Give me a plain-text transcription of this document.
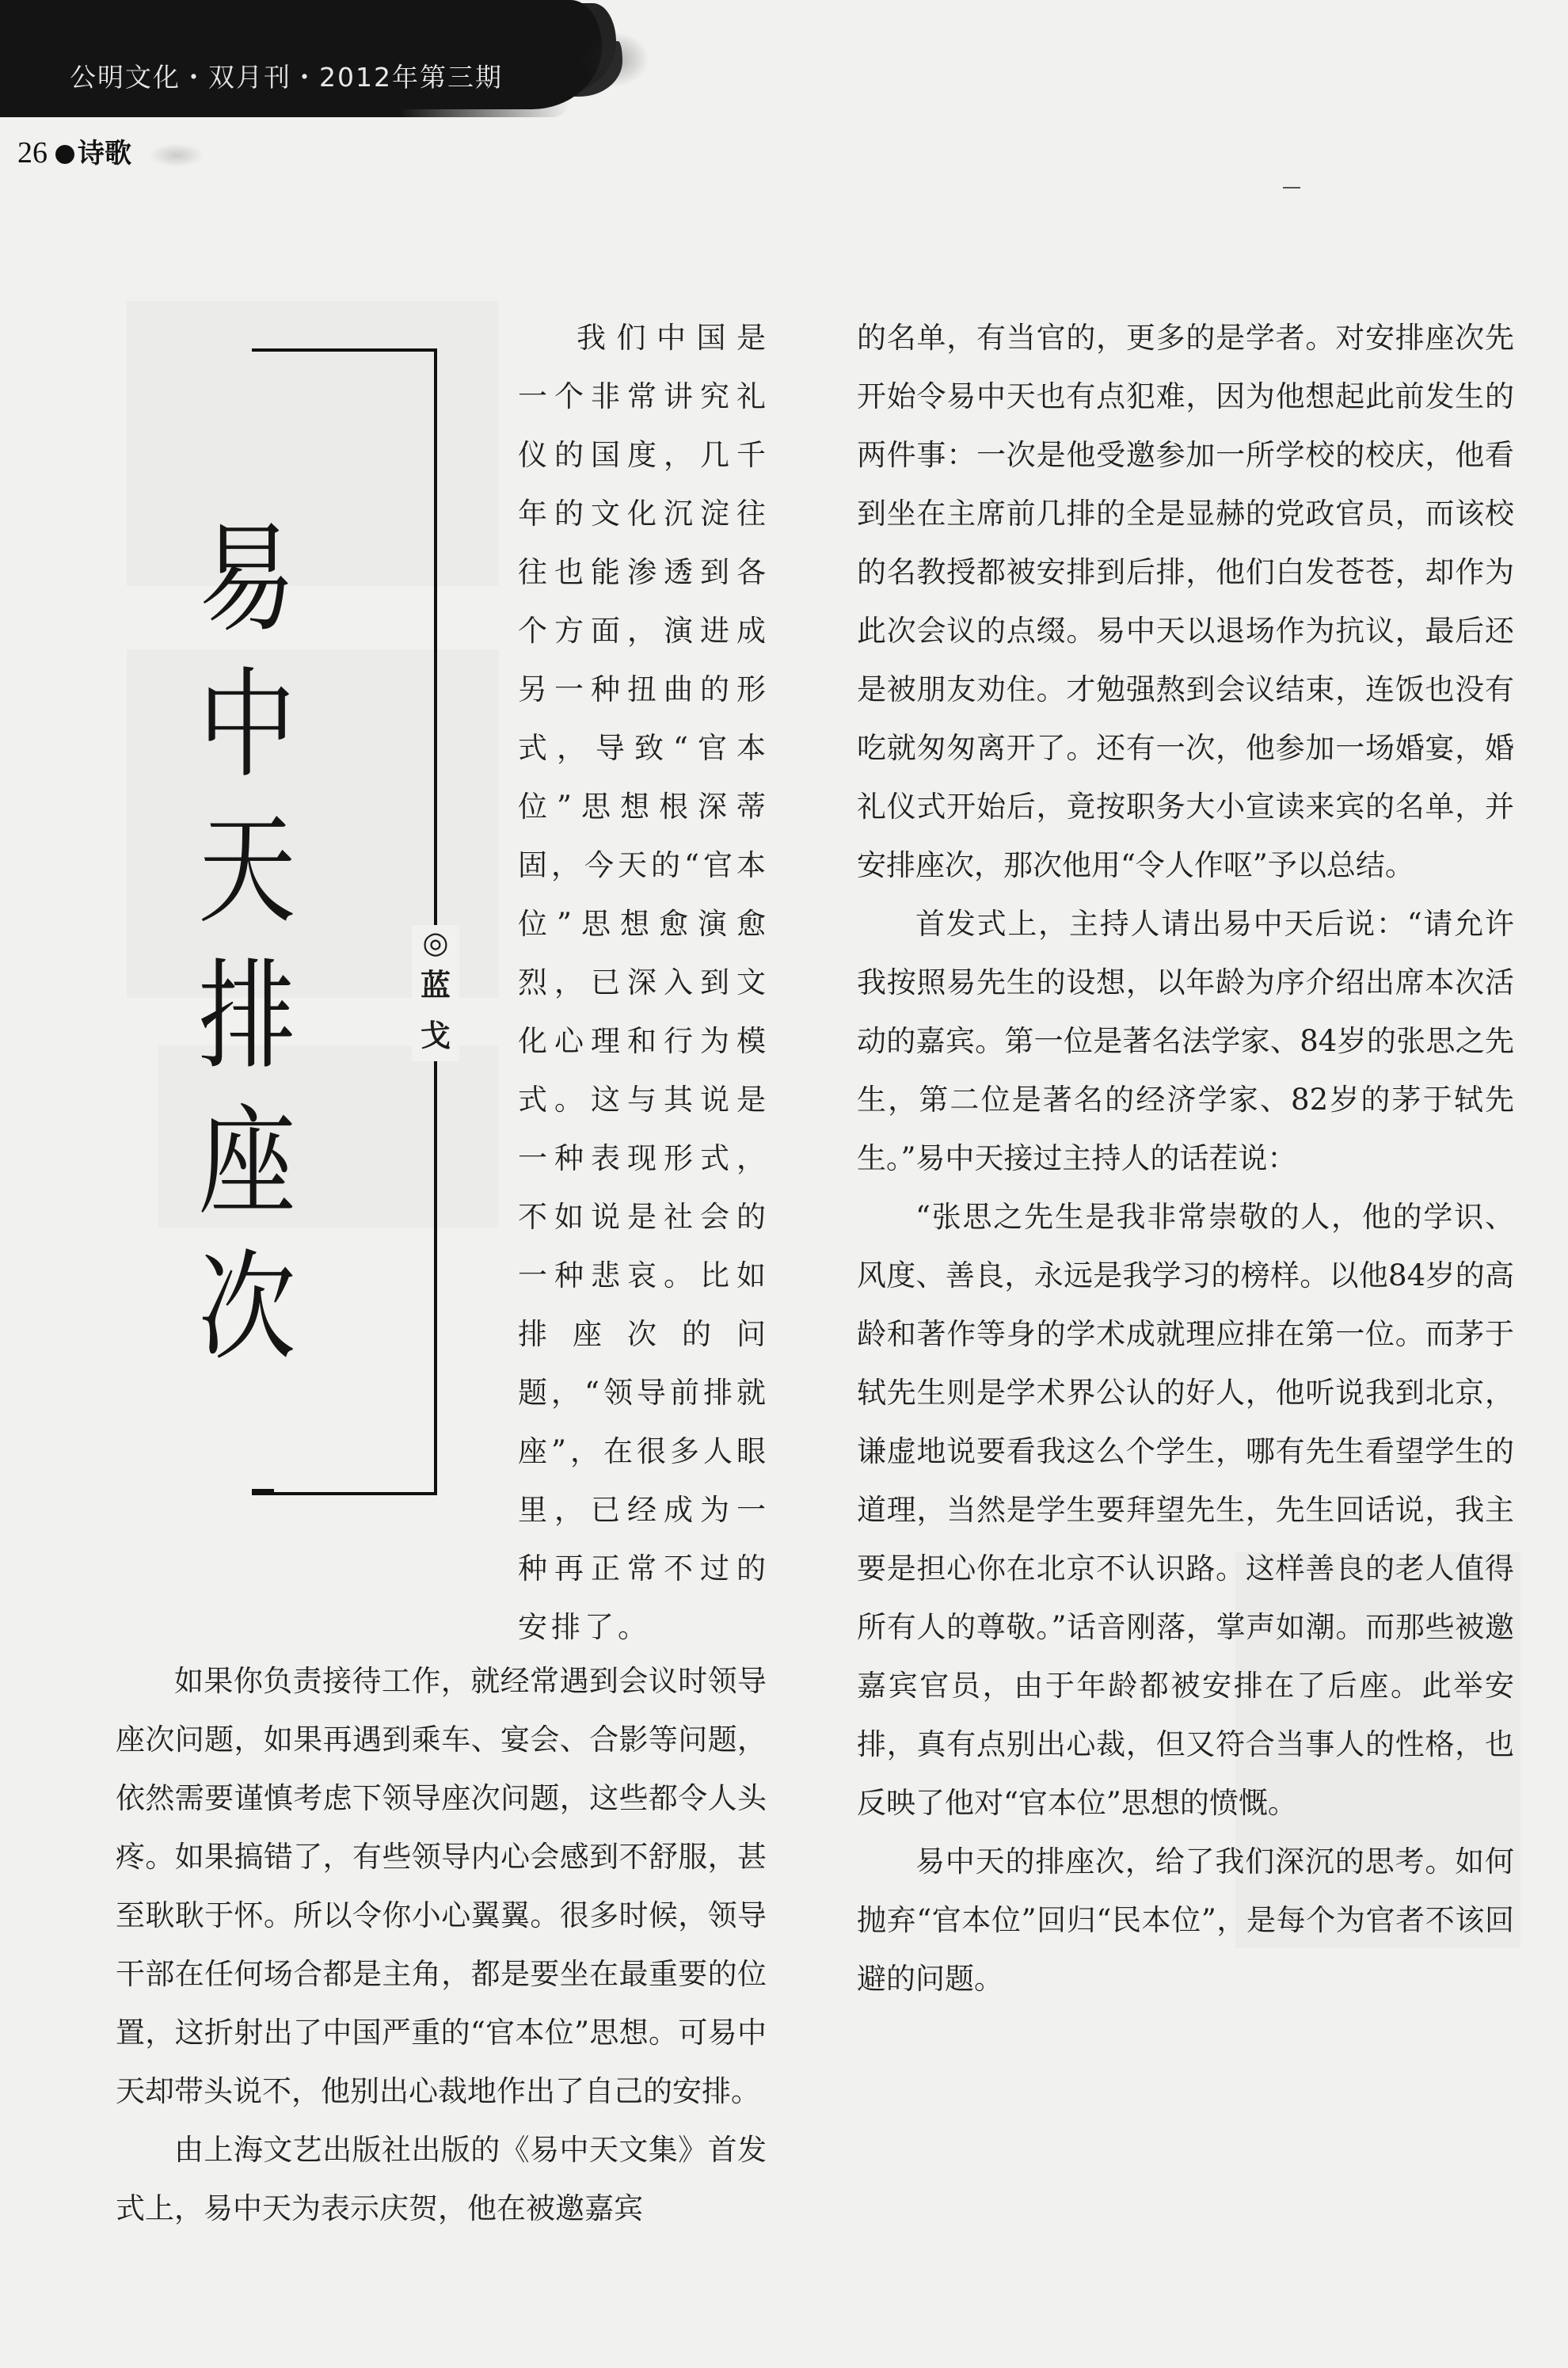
公明文化・双月刊・2012年第三期
26 诗歌
易
中
天
排
座
次
◎
蓝
戈

我们中国是一个非常讲究礼仪的国度，几千年的文化沉淀往往也能渗透到各个方面，演进成另一种扭曲的形式，导致“官本位”思想根深蒂固，今天的“官本位”思想愈演愈烈，已深入到文化心理和行为模式。这与其说是一种表现形式，不如说是社会的一种悲哀。比如排座次的问题，“领导前排就座”，在很多人眼里，已经成为一种再正常不过的安排了。

如果你负责接待工作，就经常遇到会议时领导座次问题，如果再遇到乘车、宴会、合影等问题，依然需要谨慎考虑下领导座次问题，这些都令人头疼。如果搞错了，有些领导内心会感到不舒服，甚至耿耿于怀。所以令你小心翼翼。很多时候，领导干部在任何场合都是主角，都是要坐在最重要的位置，这折射出了中国严重的“官本位”思想。可易中天却带头说不，他别出心裁地作出了自己的安排。

由上海文艺出版社出版的《易中天文集》首发式上，易中天为表示庆贺，他在被邀嘉宾

的名单，有当官的，更多的是学者。对安排座次先开始令易中天也有点犯难，因为他想起此前发生的两件事：一次是他受邀参加一所学校的校庆，他看到坐在主席前几排的全是显赫的党政官员，而该校的名教授都被安排到后排，他们白发苍苍，却作为此次会议的点缀。易中天以退场作为抗议，最后还是被朋友劝住。才勉强熬到会议结束，连饭也没有吃就匆匆离开了。还有一次，他参加一场婚宴，婚礼仪式开始后，竟按职务大小宣读来宾的名单，并安排座次，那次他用“令人作呕”予以总结。

首发式上，主持人请出易中天后说：“请允许我按照易先生的设想，以年龄为序介绍出席本次活动的嘉宾。第一位是著名法学家、84岁的张思之先生，第二位是著名的经济学家、82岁的茅于轼先生。”易中天接过主持人的话茬说：

“张思之先生是我非常崇敬的人，他的学识、风度、善良，永远是我学习的榜样。以他84岁的高龄和著作等身的学术成就理应排在第一位。而茅于轼先生则是学术界公认的好人，他听说我到北京，谦虚地说要看我这么个学生，哪有先生看望学生的道理，当然是学生要拜望先生，先生回话说，我主要是担心你在北京不认识路。这样善良的老人值得所有人的尊敬。”话音刚落，掌声如潮。而那些被邀嘉宾官员，由于年龄都被安排在了后座。此举安排，真有点别出心裁，但又符合当事人的性格，也反映了他对“官本位”思想的愤慨。

易中天的排座次，给了我们深沉的思考。如何抛弃“官本位”回归“民本位”，是每个为官者不该回避的问题。
